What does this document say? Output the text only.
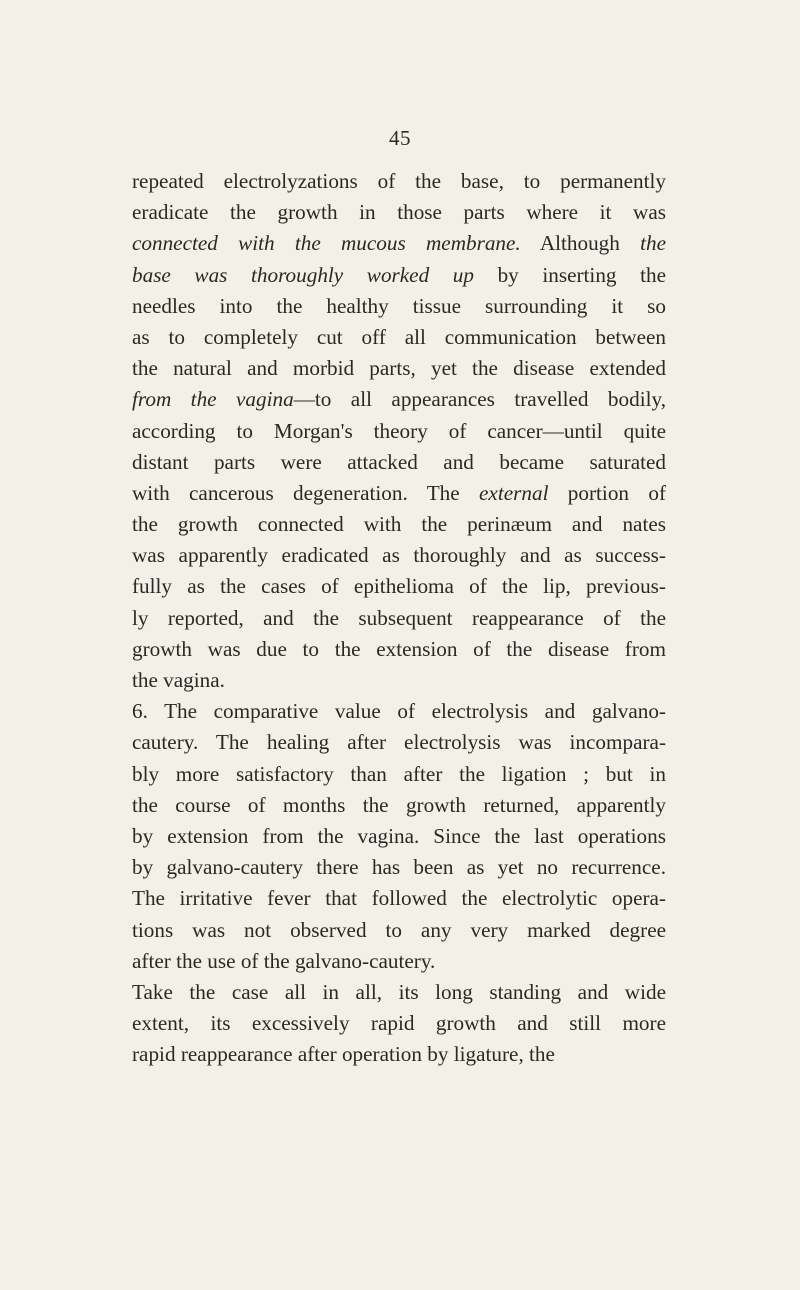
45
repeated electrolyzations of the base, to permanently
eradicate the growth in those parts where it was
connected with the mucous membrane. Although the
base was thoroughly worked up by inserting the
needles into the healthy tissue surrounding it so
as to completely cut off all communication between
the natural and morbid parts, yet the disease extended
from the vagina—to all appearances travelled bodily,
according to Morgan's theory of cancer—until quite
distant parts were attacked and became saturated
with cancerous degeneration. The external portion of
the growth connected with the perinæum and nates
was apparently eradicated as thoroughly and as success-
fully as the cases of epithelioma of the lip, previous-
ly reported, and the subsequent reappearance of the
growth was due to the extension of the disease from
the vagina.
6. The comparative value of electrolysis and galvano-
cautery. The healing after electrolysis was incompara-
bly more satisfactory than after the ligation ; but in
the course of months the growth returned, apparently
by extension from the vagina. Since the last operations
by galvano-cautery there has been as yet no recurrence.
The irritative fever that followed the electrolytic opera-
tions was not observed to any very marked degree
after the use of the galvano-cautery.
Take the case all in all, its long standing and wide
extent, its excessively rapid growth and still more
rapid reappearance after operation by ligature, the
